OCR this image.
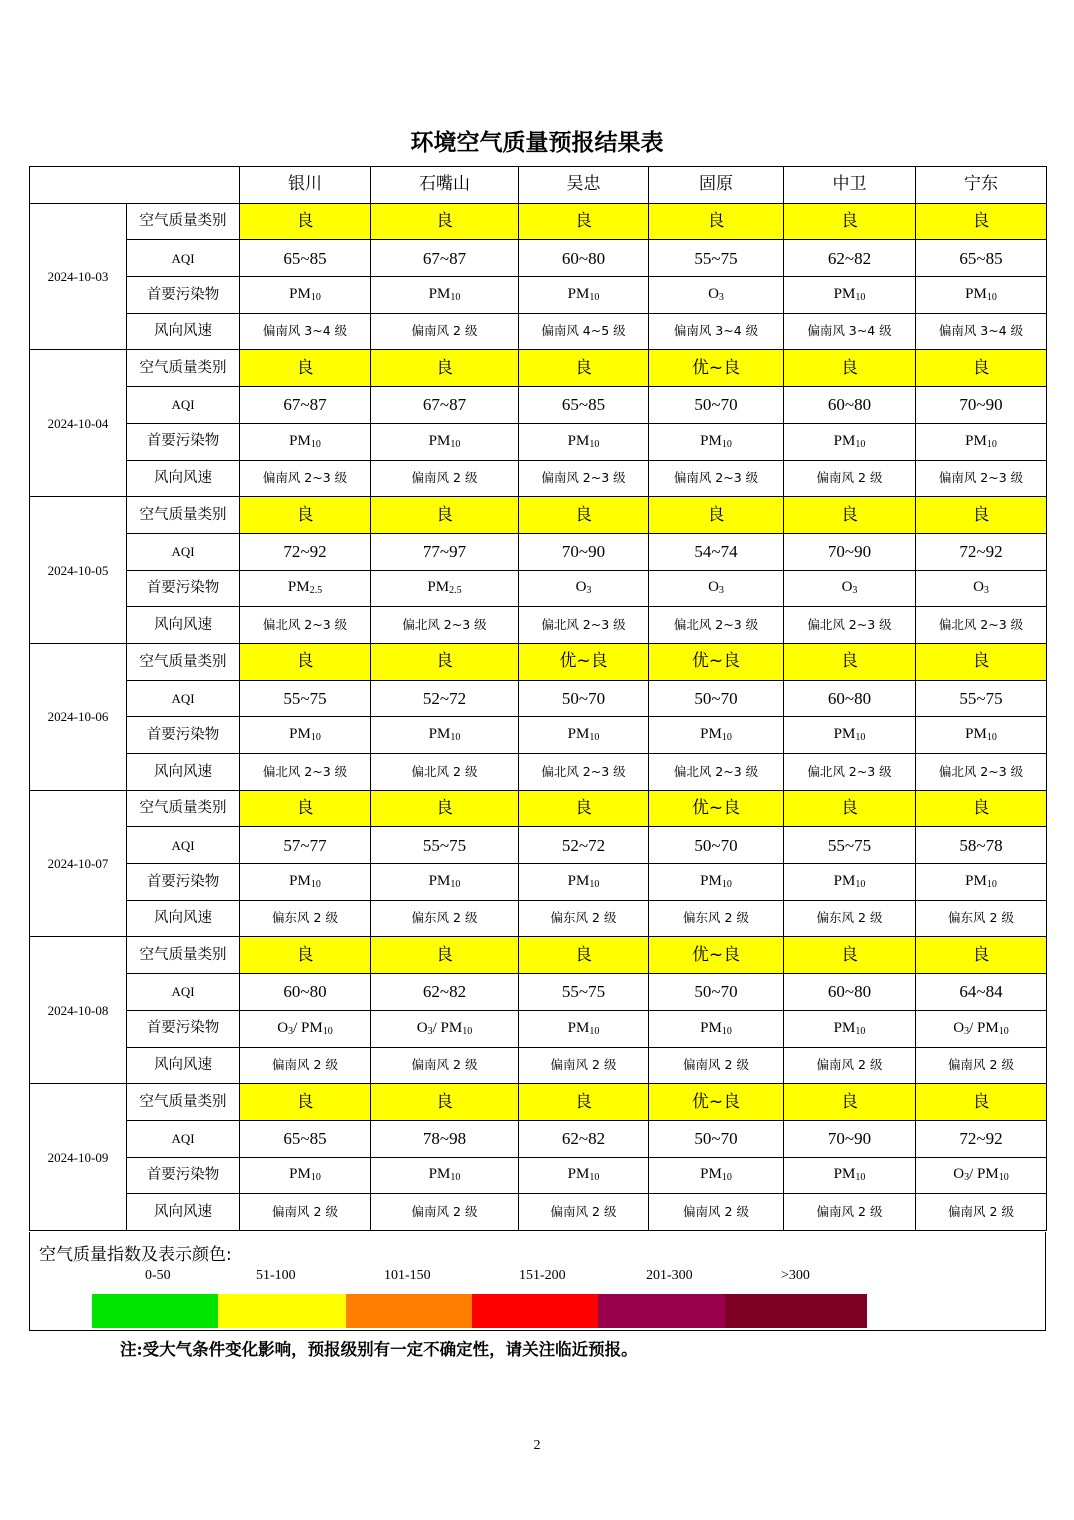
环境空气质量预报结果表
		银川	石嘴山	吴忠	固原	中卫	宁东
2024-10-03	空气质量类别	良	良	良	良	良	良
	AQI	65~85	67~87	60~80	55~75	62~82	65~85
	首要污染物	$PM_{10}$	$PM_{10}$	$PM_{10}$	$O_3$	$PM_{10}$	$PM_{10}$
	风向风速	偏南风 3~4 级	偏南风 2 级	偏南风 4~5 级	偏南风 3~4 级	偏南风 3~4 级	偏南风 3~4 级
2024-10-04	空气质量类别	良	良	良	优~良	良	良
	AQI	67~87	67~87	65~85	50~70	60~80	70~90
	首要污染物	$PM_{10}$	$PM_{10}$	$PM_{10}$	$PM_{10}$	$PM_{10}$	$PM_{10}$
	风向风速	偏南风 2~3 级	偏南风 2 级	偏南风 2~3 级	偏南风 2~3 级	偏南风 2 级	偏南风 2~3 级
2024-10-05	空气质量类别	良	良	良	良	良	良
	AQI	72~92	77~97	70~90	54~74	70~90	72~92
	首要污染物	$PM_{2.5}$	$PM_{2.5}$	$O_3$	$O_3$	$O_3$	$O_3$
	风向风速	偏北风 2~3 级	偏北风 2~3 级	偏北风 2~3 级	偏北风 2~3 级	偏北风 2~3 级	偏北风 2~3 级
2024-10-06	空气质量类别	良	良	优~良	优~良	良	良
	AQI	55~75	52~72	50~70	50~70	60~80	55~75
	首要污染物	$PM_{10}$	$PM_{10}$	$PM_{10}$	$PM_{10}$	$PM_{10}$	$PM_{10}$
	风向风速	偏北风 2~3 级	偏北风 2 级	偏北风 2~3 级	偏北风 2~3 级	偏北风 2~3 级	偏北风 2~3 级
2024-10-07	空气质量类别	良	良	良	优~良	良	良
	AQI	57~77	55~75	52~72	50~70	55~75	58~78
	首要污染物	$PM_{10}$	$PM_{10}$	$PM_{10}$	$PM_{10}$	$PM_{10}$	$PM_{10}$
	风向风速	偏东风 2 级	偏东风 2 级	偏东风 2 级	偏东风 2 级	偏东风 2 级	偏东风 2 级
2024-10-08	空气质量类别	良	良	良	优~良	良	良
	AQI	60~80	62~82	55~75	50~70	60~80	64~84
	首要污染物	$O_3/$ $PM_{10}$	$O_3/$ $PM_{10}$	$PM_{10}$	$PM_{10}$	$PM_{10}$	$O_3/$ $PM_{10}$
	风向风速	偏南风 2 级	偏南风 2 级	偏南风 2 级	偏南风 2 级	偏南风 2 级	偏南风 2 级
2024-10-09	空气质量类别	良	良	良	优~良	良	良
	AQI	65~85	78~98	62~82	50~70	70~90	72~92
	首要污染物	$PM_{10}$	$PM_{10}$	$PM_{10}$	$PM_{10}$	$PM_{10}$	$O_3/$ $PM_{10}$
	风向风速	偏南风 2 级	偏南风 2 级	偏南风 2 级	偏南风 2 级	偏南风 2 级	偏南风 2 级
空气质量指数及表示颜色:
0-50	51-100	101-150	151-200	201-300	>300
注:受大气条件变化影响，预报级别有一定不确定性，请关注临近预报。
2
